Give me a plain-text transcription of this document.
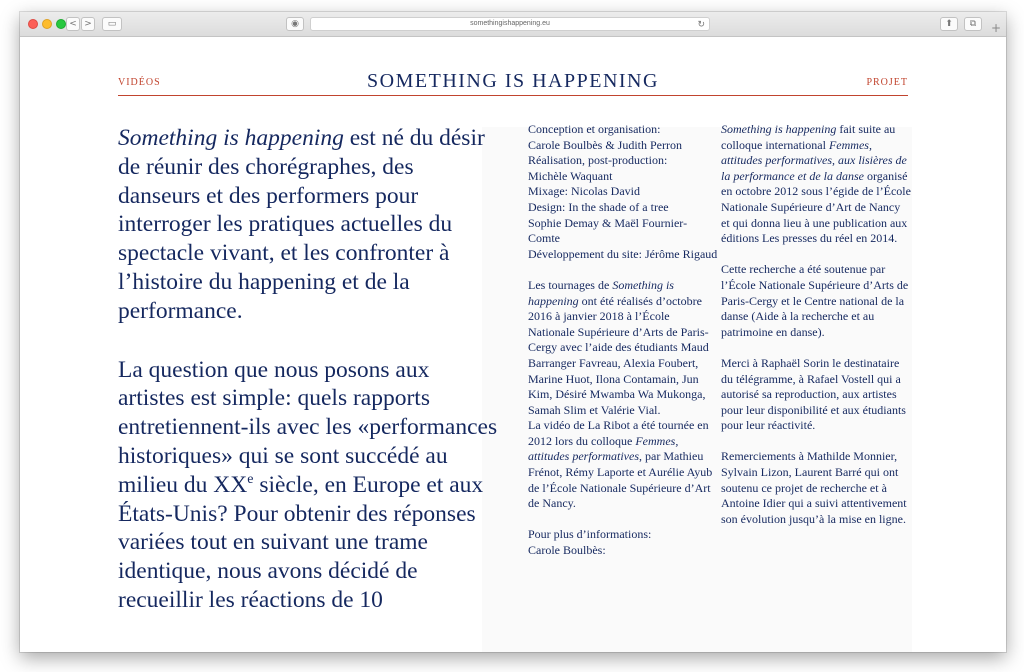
< >	▭	◉	somethingishappening.eu	↻	⬆	⧉	+
VIDÉOS	SOMETHING IS HAPPENING	PROJET

Something is happening est né du désir de réunir des chorégraphes, des danseurs et des performers pour interroger les pratiques actuelles du spectacle vivant, et les confronter à l’histoire du happening et de la performance.

La question que nous posons aux artistes est simple: quels rapports entretiennent-ils avec les «performances historiques» qui se sont succédé au milieu du XXe siècle, en Europe et aux États-Unis? Pour obtenir des réponses variées tout en suivant une trame identique, nous avons décidé de recueillir les réactions de 10

Conception et organisation:
Carole Boulbès & Judith Perron
Réalisation, post-production:
Michèle Waquant
Mixage: Nicolas David
Design: In the shade of a tree
Sophie Demay & Maël Fournier-Comte
Développement du site: Jérôme Rigaud

Les tournages de Something is happening ont été réalisés d’octobre 2016 à janvier 2018 à l’École Nationale Supérieure d’Arts de Paris-Cergy avec l’aide des étudiants Maud Barranger Favreau, Alexia Foubert, Marine Huot, Ilona Contamain, Jun Kim, Désiré Mwamba Wa Mukonga, Samah Slim et Valérie Vial.

La vidéo de La Ribot a été tournée en 2012 lors du colloque Femmes, attitudes performatives, par Mathieu Frénot, Rémy Laporte et Aurélie Ayub de l’École Nationale Supérieure d’Art de Nancy.

Pour plus d’informations:
Carole Boulbès:

Something is happening fait suite au colloque international Femmes, attitudes performatives, aux lisières de la performance et de la danse organisé en octobre 2012 sous l’égide de l’École Nationale Supérieure d’Art de Nancy et qui donna lieu à une publication aux éditions Les presses du réel en 2014.

Cette recherche a été soutenue par l’École Nationale Supérieure d’Arts de Paris-Cergy et le Centre national de la danse (Aide à la recherche et au patrimoine en danse).

Merci à Raphaël Sorin le destinataire du télégramme, à Rafael Vostell qui a autorisé sa reproduction, aux artistes pour leur disponibilité et aux étudiants pour leur réactivité.

Remerciements à Mathilde Monnier, Sylvain Lizon, Laurent Barré qui ont soutenu ce projet de recherche et à Antoine Idier qui a suivi attentivement son évolution jusqu’à la mise en ligne.
